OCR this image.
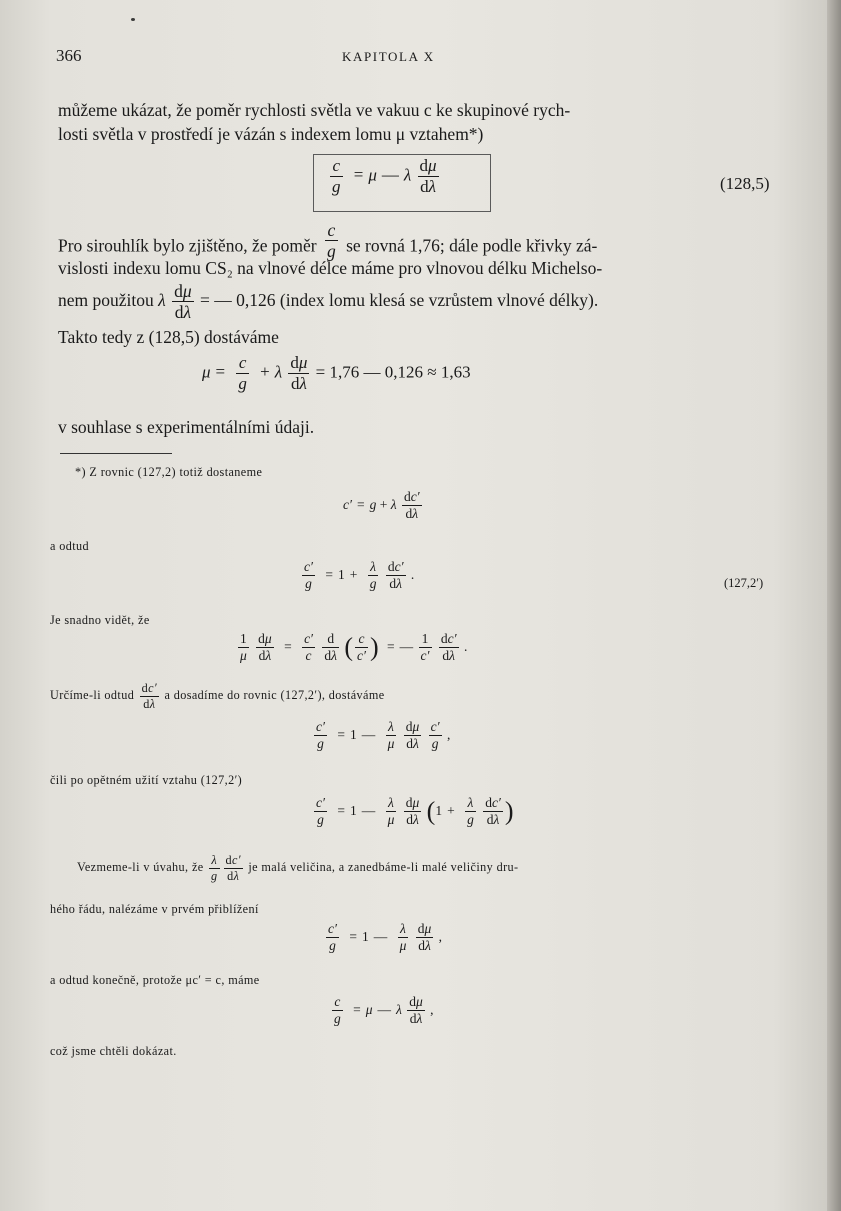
366	KAPITOLA X
můžeme ukázat, že poměr rychlosti světla ve vakuu c ke skupinové rych-
losti světla v prostředí je vázán s indexem lomu μ vztahem*)
$\frac{c}{g} = \mu$ — λ $\frac{d\mu}{d\lambda}$	(128,5)
Pro sirouhlík bylo zjištěno, že poměr $\frac{c}{g}$ se rovná 1,76; dále podle křivky zá-
vislosti indexu lomu CS₂ na vlnové délce máme pro vlnovou délku Michelso-
nem použitou λ $\frac{d\mu}{d\lambda}$ = — 0,126 (index lomu klesá se vzrůstem vlnové délky).
Takto tedy z (128,5) dostáváme
$\mu = \frac{c}{g} + \lambda \frac{d\mu}{d\lambda} = 1,76$ — 0,126 ≈ 1,63
v souhlase s experimentálními údaji.
*) Z rovnic (127,2) totiž dostaneme
c′ = g + λ $\frac{dc'}{d\lambda}$
a odtud
$\frac{c'}{g} = 1 + \frac{\lambda}{g}$
$\frac{dc'}{d\lambda}$ .
(127,2′)
Je snadno vidět, že
$\frac{1}{\mu}$
$\frac{d\mu}{d\lambda} = \frac{c'}{c}$
$\frac{d}{d\lambda}$ ( $\frac{c}{c'}$ ) = — $\frac{1}{c'}$
$\frac{dc'}{d\lambda}$ .
Určíme-li odtud $\frac{dc'}{d\lambda}$ a dosadíme do rovnic (127,2′), dostáváme
$\frac{c'}{g} = 1$ — $\frac{\lambda}{\mu}$
$\frac{d\mu}{d\lambda}$
$\frac{c'}{g}$ ,
čili po opětném užití vztahu (127,2′)
$\frac{c'}{g} = 1$ — $\frac{\lambda}{\mu}$
$\frac{d\mu}{d\lambda} (1 + \frac{\lambda}{g}$
$\frac{dc'}{d\lambda}$ )
Vezmeme-li v úvahu, že $\frac{\lambda}{g} \frac{dc'}{d\lambda}$ je malá veličina, a zanedbáme-li malé veličiny dru-
hého řádu, nalézáme v prvém přiblížení
$\frac{c'}{g} = 1$ — $\frac{\lambda}{\mu}$
$\frac{d\mu}{d\lambda}$ ,
a odtud konečně, protože μc′ = c, máme
$\frac{c}{g} = \mu$ — λ $\frac{d\mu}{d\lambda}$ ,
což jsme chtěli dokázat.
